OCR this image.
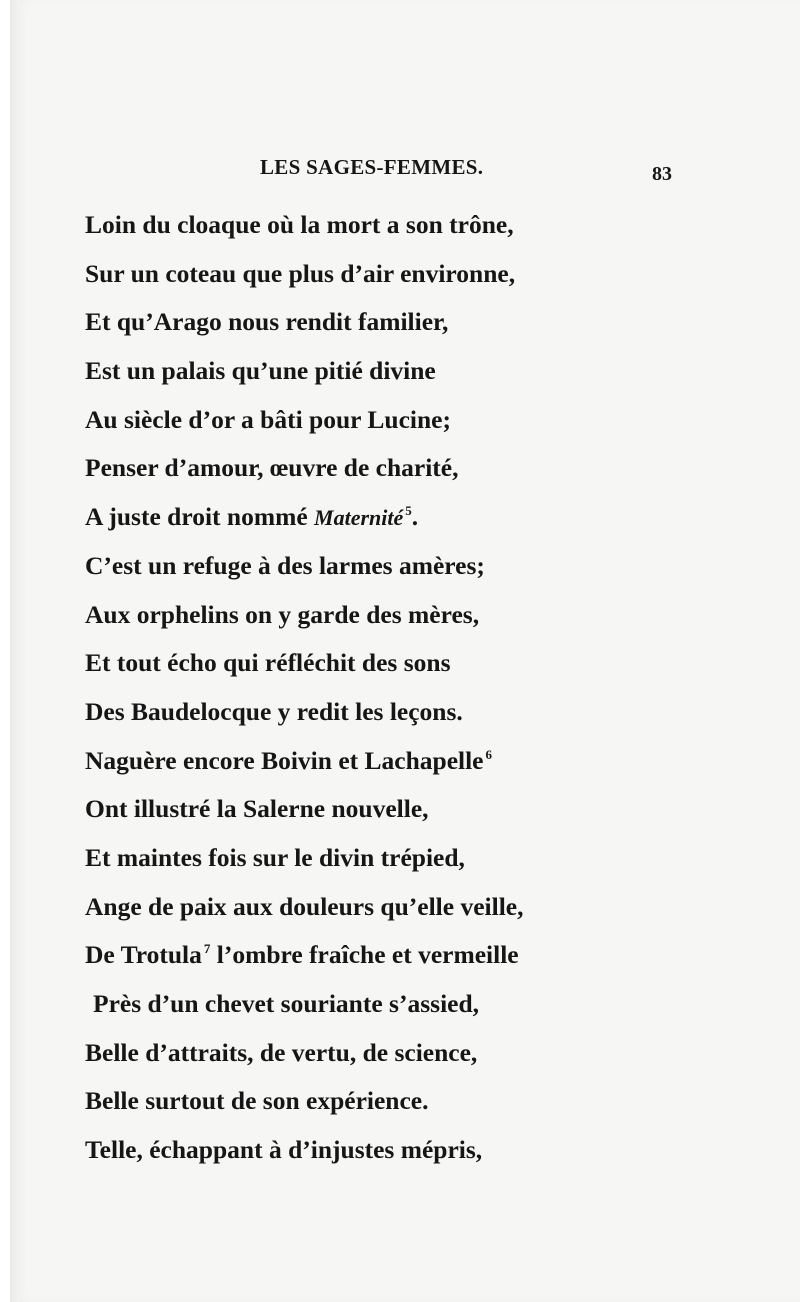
LES SAGES-FEMMES.	83
Loin du cloaque où la mort a son trône,
Sur un coteau que plus d’air environne,
Et qu’Arago nous rendit familier,
Est un palais qu’une pitié divine
Au siècle d’or a bâti pour Lucine;
Penser d’amour, œuvre de charité,
A juste droit nommé Maternité $^5$.
C’est un refuge à des larmes amères;
Aux orphelins on y garde des mères,
Et tout écho qui réfléchit des sons
Des Baudelocque y redit les leçons.
Naguère encore Boivin et Lachapelle $^6$
Ont illustré la Salerne nouvelle,
Et maintes fois sur le divin trépied,
Ange de paix aux douleurs qu’elle veille,
De Trotula $^7$ l’ombre fraîche et vermeille
Près d’un chevet souriante s’assied,
Belle d’attraits, de vertu, de science,
Belle surtout de son expérience.
Telle, échappant à d’injustes mépris,
